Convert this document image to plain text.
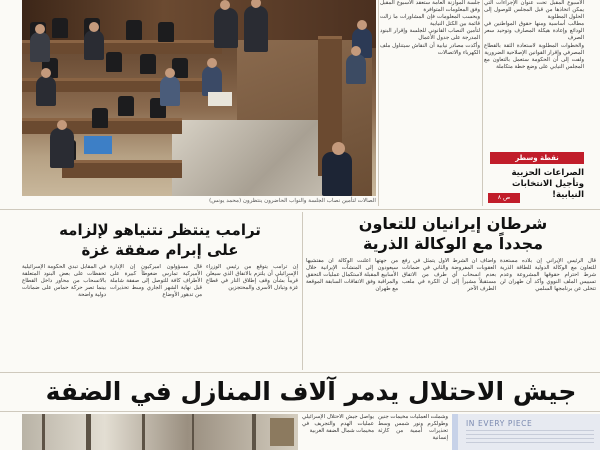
الصالات لتأمين نصاب الجلسة والنواب الحاضرون ينتظرون (محمد يونس)
الأسبوع المقبل تحت عنوان الإجراءات التي يمكن اتخاذها من قبل المجلس للوصول إلى الحلول المطلوبة
مطالب أساسية ومنها حقوق المواطنين في الودائع وإعادة هيكلة المصارف وتوحيد سعر الصرف
والخطوات المطلوبة لاستعادة الثقة بالقطاع المصرفي وإقرار القوانين الإصلاحية الضرورية
ولفت إلى أن الحكومة ستعمل بالتعاون مع المجلس النيابي على وضع خطة متكاملة
جلسة الموازنة العامة ستعقد الأسبوع المقبل وفق المعلومات المتوافرة
وبحسب المعلومات فإن المشاورات ما زالت قائمة بين الكتل النيابية
لتأمين النصاب القانوني للجلسة وإقرار البنود المدرجة على جدول الأعمال
وأكدت مصادر نيابية أن النقاش سيتناول ملف الكهرباء والاتصالات
نقطة وسطر
الصراعات الحزبية وتأجيل الانتخابات النيابية!
ص ٨
شرطان إيرانيان للتعاون
مجدداً مع الوكالة الذرية
قال الرئيس الإيراني إن بلاده مستعدة للتعاون مع الوكالة الدولية للطاقة الذرية شرط احترام حقوقها المشروعة وعدم تسييس الملف النووي وأكد أن طهران لن تتخلى عن برنامجها السلمي
وأضاف أن الشرط الأول يتمثل في رفع العقوبات المفروضة والثاني في ضمانات بعدم انسحاب أي طرف من الاتفاق مستقبلاً مشيراً إلى أن الكرة في ملعب الطرف الآخر
من جهتها أعلنت الوكالة أن مفتشيها سيعودون إلى المنشآت الإيرانية خلال الأسابيع المقبلة لاستكمال عمليات التحقق والمراقبة وفق الاتفاقات السابقة الموقعة مع طهران
ترامب ينتظر نتنياهو لإلزامه
على إبرام صفقة غزة
إن ترامب يتوقع من رئيس الوزراء الإسرائيلي أن يلتزم بالاتفاق الذي سيعلن قريباً بشأن وقف إطلاق النار في قطاع غزة وتبادل الأسرى والمحتجزين
قال مسؤولون أميركيون إن الإدارة الأميركية تمارس ضغوطاً كبيرة على الأطراف كافة للتوصل إلى صفقة شاملة قبل نهاية الشهر الجاري وسط تحذيرات من تدهور الأوضاع
في المقابل تبدي الحكومة الإسرائيلية تحفظات على بعض البنود المتعلقة بالانسحاب من محاور داخل القطاع بينما تصر حركة حماس على ضمانات دولية واضحة
جيش الاحتلال يدمر آلاف المنازل في الضفة
يواصل جيش الاحتلال الإسرائيلي عمليات الهدم والتجريف في مخيمات شمال الضفة الغربية
وشملت العمليات مخيمات جنين وطولكرم ونور شمس وسط تحذيرات أممية من كارثة إنسانية
IN EVERY PIECE
